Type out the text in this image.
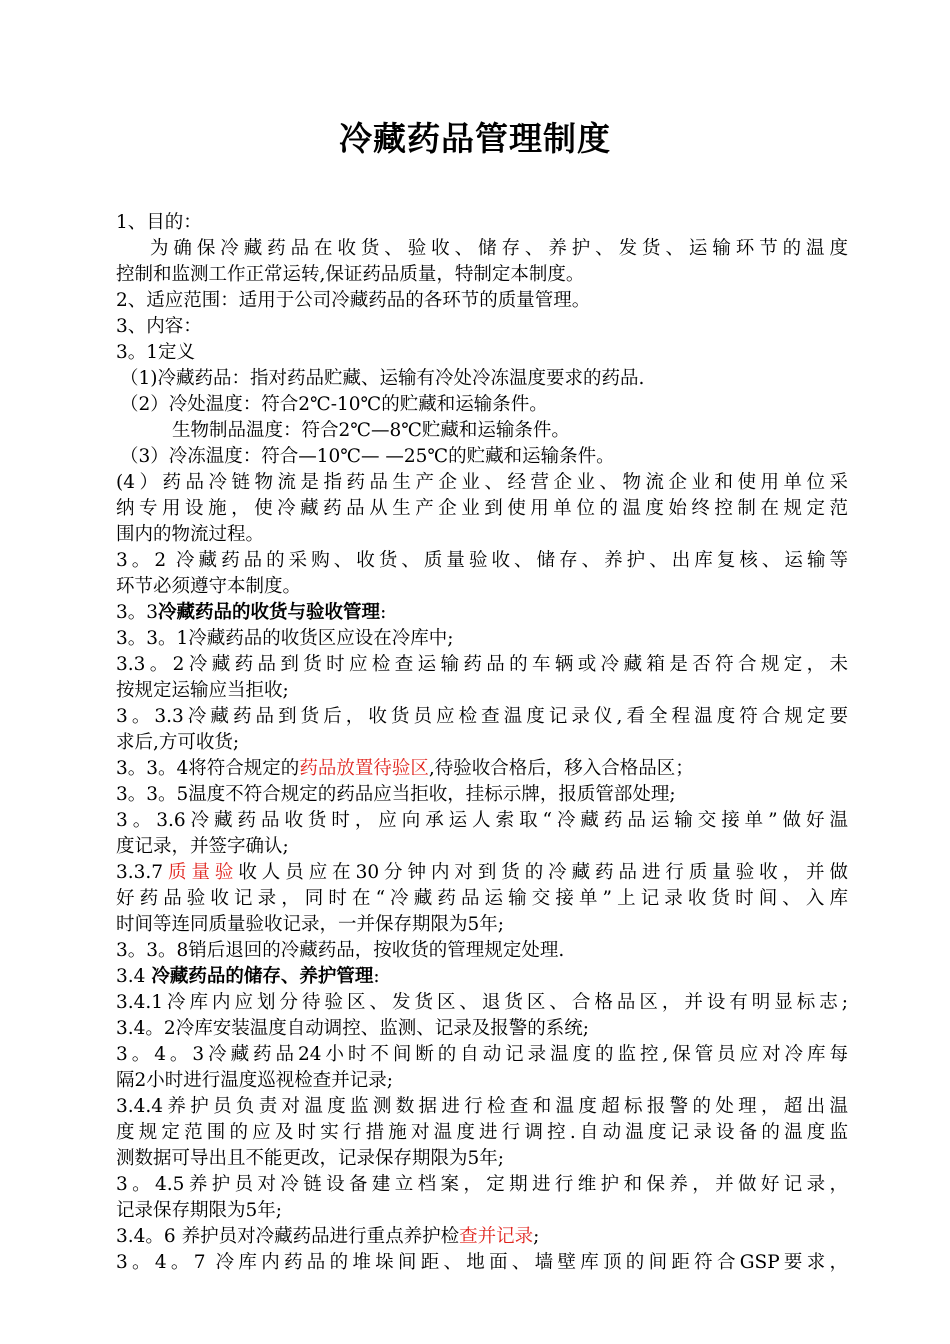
冷藏药品管理制度
1、目的：
为确保冷藏药品在收货、验收、储存、养护、发货、运输环节的温度
控制和监测工作正常运转,保证药品质量，特制定本制度。
2、适应范围：适用于公司冷藏药品的各环节的质量管理。
3、内容：
3。1定义
（1)冷藏药品：指对药品贮藏、运输有冷处冷冻温度要求的药品.
（2）冷处温度：符合2℃-10℃的贮藏和运输条件。
生物制品温度：符合2℃—8℃贮藏和运输条件。
（3）冷冻温度：符合—10℃— —25℃的贮藏和运输条件。
(4）药品冷链物流是指药品生产企业、经营企业、物流企业和使用单位采
纳专用设施，使冷藏药品从生产企业到使用单位的温度始终控制在规定范
围内的物流过程。
3。2 冷藏药品的采购、收货、质量验收、储存、养护、出库复核、运输等
环节必须遵守本制度。
3。3冷藏药品的收货与验收管理:
3。3。1冷藏药品的收货区应设在冷库中;
3.3。2冷藏药品到货时应检查运输药品的车辆或冷藏箱是否符合规定，未
按规定运输应当拒收;
3。3.3冷藏药品到货后，收货员应检查温度记录仪,看全程温度符合规定要
求后,方可收货;
3。3。4将符合规定的药品放置待验区,待验收合格后，移入合格品区；
3。3。5温度不符合规定的药品应当拒收，挂标示牌，报质管部处理;
3。3.6冷藏药品收货时，应向承运人索取“冷藏药品运输交接单”做好温
度记录，并签字确认;
3.3.7质量验收人员应在30分钟内对到货的冷藏药品进行质量验收，并做
好药品验收记录，同时在“冷藏药品运输交接单”上记录收货时间、入库
时间等连同质量验收记录，一并保存期限为5年;
3。3。8销后退回的冷藏药品，按收货的管理规定处理.
3.4 冷藏药品的储存、养护管理:
3.4.1冷库内应划分待验区、发货区、退货区、合格品区，并设有明显标志;
3.4。2冷库安装温度自动调控、监测、记录及报警的系统;
3。4。3冷藏药品24小时不间断的自动记录温度的监控,保管员应对冷库每
隔2小时进行温度巡视检查并记录;
3.4.4养护员负责对温度监测数据进行检查和温度超标报警的处理，超出温
度规定范围的应及时实行措施对温度进行调控.自动温度记录设备的温度监
测数据可导出且不能更改，记录保存期限为5年;
3。4.5养护员对冷链设备建立档案，定期进行维护和保养，并做好记录，
记录保存期限为5年;
3.4。6 养护员对冷藏药品进行重点养护检查并记录;
3。4。7 冷库内药品的堆垛间距、地面、墙壁库顶的间距符合GSP要求，
